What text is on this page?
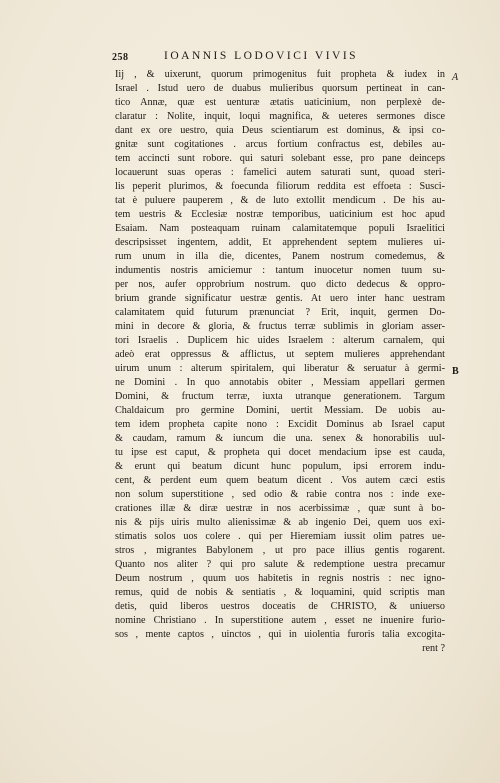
258	IOANNIS LODOVICI VIVIS
A
B
Iij , & uixerunt, quorum primogenitus fuit propheta & iudex in
Israel . Istud uero de duabus mulieribus quorsum pertineat in can-
tico Annæ, quæ est uenturæ ætatis uaticinium, non perplexè de-
claratur : Nolite, inquit, loqui magnifica, & ueteres sermones disce
dant ex ore uestro, quia Deus scientiarum est dominus, & ipsi co-
gnitæ sunt cogitationes . arcus fortium confractus est, debiles au-
tem accincti sunt robore. qui saturi solebant esse, pro pane deinceps
locauerunt suas operas : famelici autem saturati sunt, quoad steri-
lis peperit plurimos, & foecunda filiorum reddita est effoeta : Susci-
tat è puluere pauperem , & de luto extollit mendicum . De his au-
tem uestris & Ecclesiæ nostræ temporibus, uaticinium est hoc apud
Esaiam. Nam posteaquam ruinam calamitatemque populi Israelitici
descripsisset ingentem, addit, Et apprehendent septem mulieres ui-
rum unum in illa die, dicentes, Panem nostrum comedemus, &
indumentis nostris amiciemur : tantum inuocetur nomen tuum su-
per nos, aufer opprobrium nostrum. quo dicto dedecus & oppro-
brium grande significatur uestræ gentis. At uero inter hanc uestram
calamitatem quid futurum prænunciat ? Erit, inquit, germen Do-
mini in decore & gloria, & fructus terræ sublimis in gloriam asser-
tori Israelis . Duplicem hic uides Israelem : alterum carnalem, qui
adeò erat oppressus & afflictus, ut septem mulieres apprehendant
uirum unum : alterum spiritalem, qui liberatur & seruatur à germi-
ne Domini . In quo annotabis obiter , Messiam appellari germen
Domini, & fructum terræ, iuxta utranque generationem. Targum
Chaldaicum pro germine Domini, uertit Messiam. De uobis au-
tem idem propheta capite nono : Excidit Dominus ab Israel caput
& caudam, ramum & iuncum die una. senex & honorabilis uul-
tu ipse est caput, & propheta qui docet mendacium ipse est cauda,
& erunt qui beatum dicunt hunc populum, ipsi errorem indu-
cent, & perdent eum quem beatum dicent . Vos autem cæci estis
non solum superstitione , sed odio & rabie contra nos : inde exe-
crationes illæ & diræ uestræ in nos acerbissimæ , quæ sunt à bo-
nis & pijs uiris multo alienissimæ & ab ingenio Dei, quem uos exi-
stimatis solos uos colere . qui per Hieremiam iussit olim patres ue-
stros , migrantes Babylonem , ut pro pace illius gentis rogarent.
Quanto nos aliter ? qui pro salute & redemptione uestra precamur
Deum nostrum , quum uos habitetis in regnis nostris : nec igno-
remus, quid de nobis & sentiatis , & loquamini, quid scriptis man
detis, quid liberos uestros doceatis de CHRISTO, & uniuerso
nomine Christiano . In superstitione autem , esset ne inuenire furio-
sos , mente captos , uinctos , qui in uiolentia furoris talia excogita-
rent ?
